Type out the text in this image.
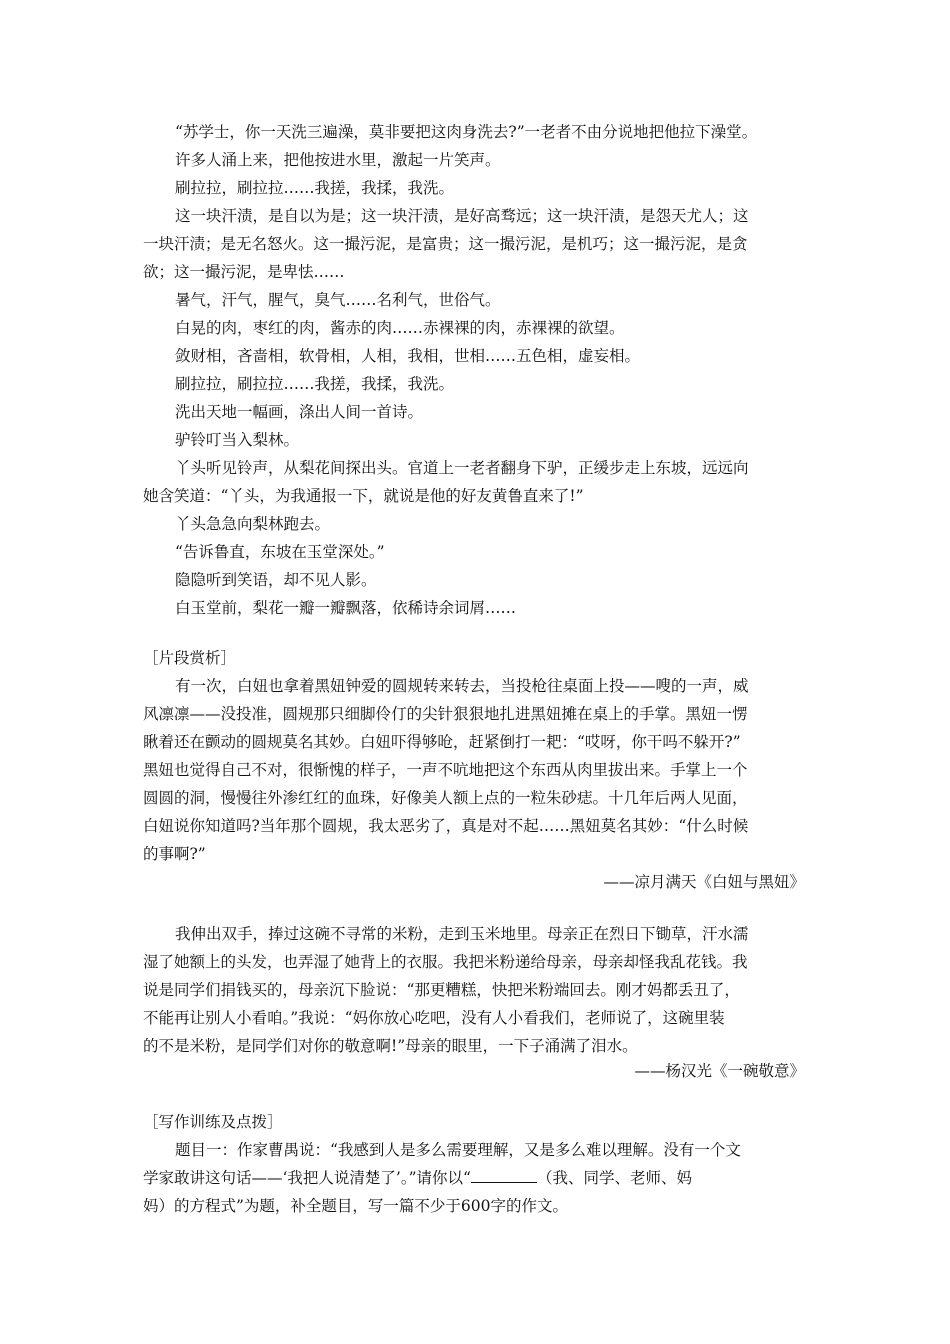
“苏学士，你一天洗三遍澡，莫非要把这肉身洗去?”一老者不由分说地把他拉下澡堂。
许多人涌上来，把他按进水里，激起一片笑声。
刷拉拉，刷拉拉……我搓，我揉，我洗。
这一块汗渍，是自以为是；这一块汗渍，是好高骛远；这一块汗渍，是怨天尤人；这
一块汗渍；是无名怒火。这一撮污泥，是富贵；这一撮污泥，是机巧；这一撮污泥，是贪
欲；这一撮污泥，是卑怯……
暑气，汗气，腥气，臭气……名利气，世俗气。
白晃的肉，枣红的肉，酱赤的肉……赤裸裸的肉，赤裸裸的欲望。
敛财相，吝啬相，软骨相，人相，我相，世相……五色相，虚妄相。
刷拉拉，刷拉拉……我搓，我揉，我洗。
洗出天地一幅画，涤出人间一首诗。
驴铃叮当入梨林。
丫头听见铃声，从梨花间探出头。官道上一老者翻身下驴，正缓步走上东坡，远远向
她含笑道：“丫头，为我通报一下，就说是他的好友黄鲁直来了!”
丫头急急向梨林跑去。
“告诉鲁直，东坡在玉堂深处。”
隐隐听到笑语，却不见人影。
白玉堂前，梨花一瓣一瓣飘落，依稀诗余词屑……
［片段赏析］
有一次，白妞也拿着黑妞钟爱的圆规转来转去，当投枪往桌面上投——嗖的一声，威
风凛凛——没投准，圆规那只细脚伶仃的尖针狠狠地扎进黑妞摊在桌上的手掌。黑妞一愣
瞅着还在颤动的圆规莫名其妙。白妞吓得够呛，赶紧倒打一耙：“哎呀，你干吗不躲开?”
黑妞也觉得自己不对，很惭愧的样子，一声不吭地把这个东西从肉里拔出来。手掌上一个
圆圆的洞，慢慢往外渗红红的血珠，好像美人额上点的一粒朱砂痣。十几年后两人见面，
白妞说你知道吗?当年那个圆规，我太恶劣了，真是对不起……黑妞莫名其妙：“什么时候
的事啊?”
——凉月满天《白妞与黑妞》
我伸出双手，捧过这碗不寻常的米粉，走到玉米地里。母亲正在烈日下锄草，汗水濡
湿了她额上的头发，也弄湿了她背上的衣服。我把米粉递给母亲，母亲却怪我乱花钱。我
说是同学们捐钱买的，母亲沉下脸说：“那更糟糕，快把米粉端回去。刚才妈都丢丑了，
不能再让别人小看咱。”我说：“妈你放心吃吧，没有人小看我们，老师说了，这碗里装
的不是米粉，是同学们对你的敬意啊!”母亲的眼里，一下子涌满了泪水。
——杨汉光《一碗敬意》
［写作训练及点拨］
题目一：作家曹禺说：“我感到人是多么需要理解，又是多么难以理解。没有一个文
学家敢讲这句话——‘我把人说清楚了’。”请你以“	（我、同学、老师、妈
妈）的方程式”为题，补全题目，写一篇不少于600字的作文。
